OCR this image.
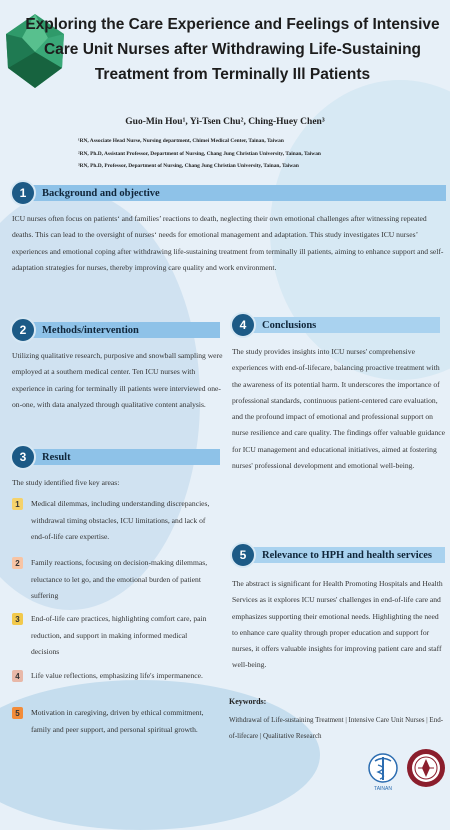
Exploring the Care Experience and Feelings of Intensive Care Unit Nurses after Withdrawing Life-Sustaining Treatment from Terminally Ill Patients
Guo-Min Hou¹, Yi-Tsen Chu², Ching-Huey Chen³
¹RN, Associate Head Nurse, Nursing department, Chimei Medical Center, Tainan, Taiwan
²RN, Ph.D, Assistant Professor, Department of Nursing, Chang Jung Christian University, Tainan, Taiwan
³RN, Ph.D, Professor, Department of Nursing, Chang Jung Christian University, Tainan, Taiwan
Background and objective
1
ICU nurses often focus on patients‘ and families’ reactions to death, neglecting their own emotional challenges after witnessing repeated deaths. This can lead to the oversight of nurses‘ needs for emotional management and adaptation. This study investigates ICU nurses’ experiences and emotional coping after withdrawing life-sustaining treatment from terminally ill patients, aiming to enhance support and self-adaptation strategies for nurses, thereby improving care quality and work environment.
Methods/intervention
2
Utilizing qualitative research, purposive and snowball sampling were employed at a southern medical center. Ten ICU nurses with experience in caring for terminally ill patients were interviewed one-on-one, with data analyzed through qualitative content analysis.
Result
3
The study identified five key areas:
1	Medical dilemmas, including understanding discrepancies, withdrawal timing obstacles, ICU limitations, and lack of end-of-life care expertise.
2	Family reactions, focusing on decision-making dilemmas, reluctance to let go, and the emotional burden of patient suffering
3	End-of-life care practices, highlighting comfort care, pain reduction, and support in making informed medical decisions
4	Life value reflections, emphasizing life's impermanence.
5	Motivation in caregiving, driven by ethical commitment, family and peer support, and personal spiritual growth.
Conclusions
4
The study provides insights into ICU nurses' comprehensive experiences with end-of-lifecare, balancing proactive treatment with the awareness of its potential harm. It underscores the importance of professional standards, continuous patient-centered care evaluation, and the profound impact of emotional and professional support on nurse resilience and care quality. The findings offer valuable guidance for ICU management and educational initiatives, aimed at fostering nurses' professional development and emotional well-being.
Relevance to HPH and health services
5
The abstract is significant for Health Promoting Hospitals and Health Services as it explores ICU nurses' challenges in end-of-life care and emphasizes supporting their emotional needs. Highlighting the need to enhance care quality through proper education and support for nurses, it offers valuable insights for improving patient care and staff well-being.
Keywords:
Withdrawal of Life-sustaining Treatment | Intensive Care Unit Nurses | End-of-lifecare | Qualitative Research
TAINAN
